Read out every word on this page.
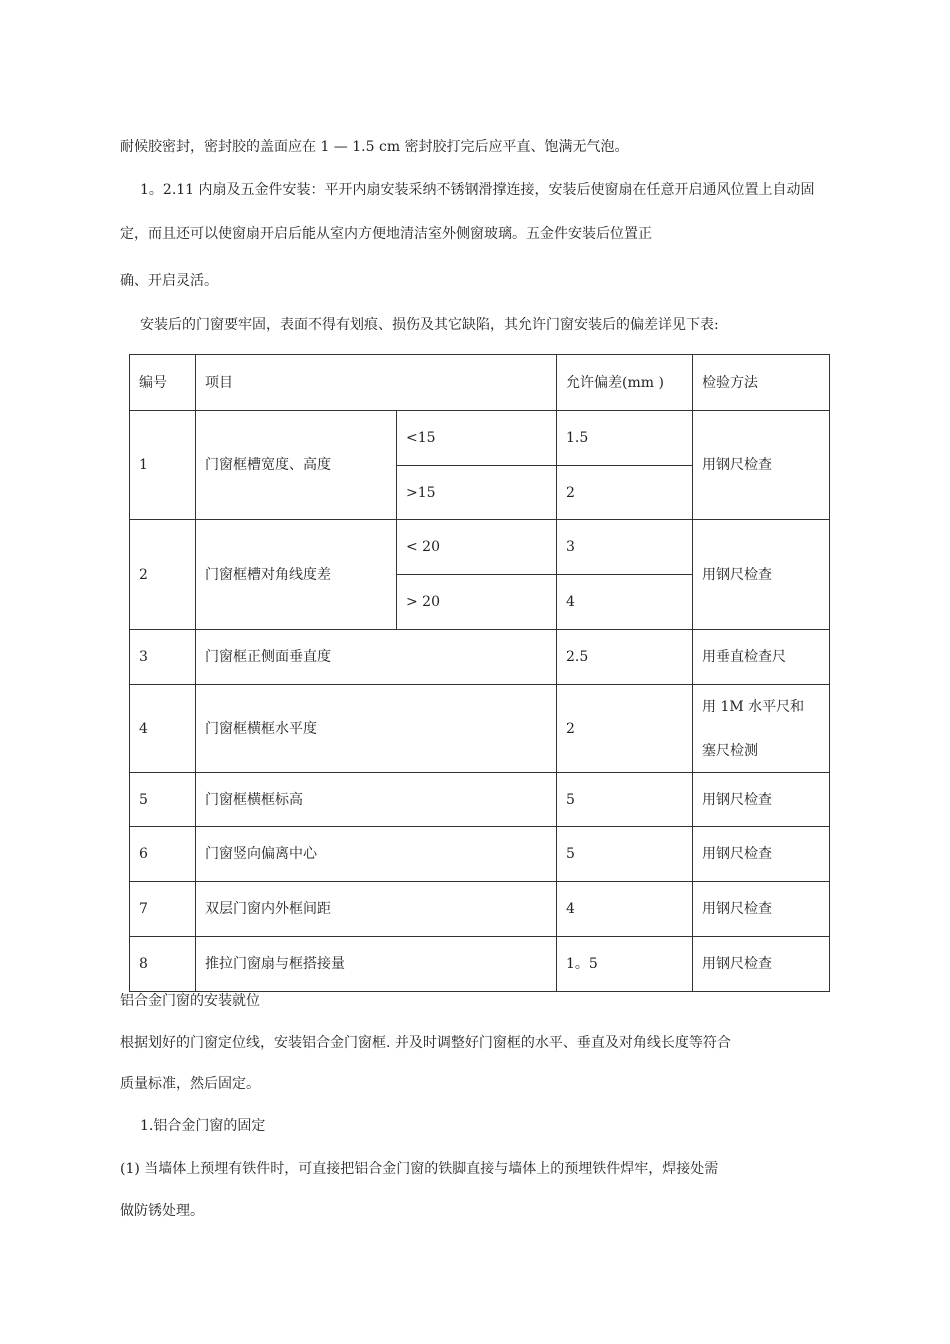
耐候胶密封，密封胶的盖面应在 1 — 1.5 cm 密封胶打完后应平直、饱满无气泡。
1。2.11 内扇及五金件安装：平开内扇安装采纳不锈钢滑撑连接，安装后使窗扇在任意开启通风位置上自动固
定，而且还可以使窗扇开启后能从室内方便地清洁室外侧窗玻璃。五金件安装后位置正
确、开启灵活。
安装后的门窗要牢固，表面不得有划痕、损伤及其它缺陷，其允许门窗安装后的偏差详见下表:
编号	项目		允许偏差(mm )	检验方法
1	门窗框槽宽度、高度	<15	1.5	用钢尺检查
		>15	2	
2	门窗框槽对角线度差	< 20	3	用钢尺检查
		> 20	4	
3	门窗框正侧面垂直度		2.5	用垂直检查尺
4	门窗框横框水平度		2	用 1M 水平尺和
塞尺检测

5	门窗框横框标高		5	用钢尺检查
6	门窗竖向偏离中心		5	用钢尺检查
7	双层门窗内外框间距		4	用钢尺检查
8	推拉门窗扇与框搭接量		1。5	用钢尺检查
铝合金门窗的安装就位
根据划好的门窗定位线，安装铝合金门窗框. 并及时调整好门窗框的水平、垂直及对角线长度等符合
质量标准，然后固定。
1.铝合金门窗的固定
(1) 当墙体上预埋有铁件时，可直接把铝合金门窗的铁脚直接与墙体上的预埋铁件焊牢，焊接处需
做防锈处理。
